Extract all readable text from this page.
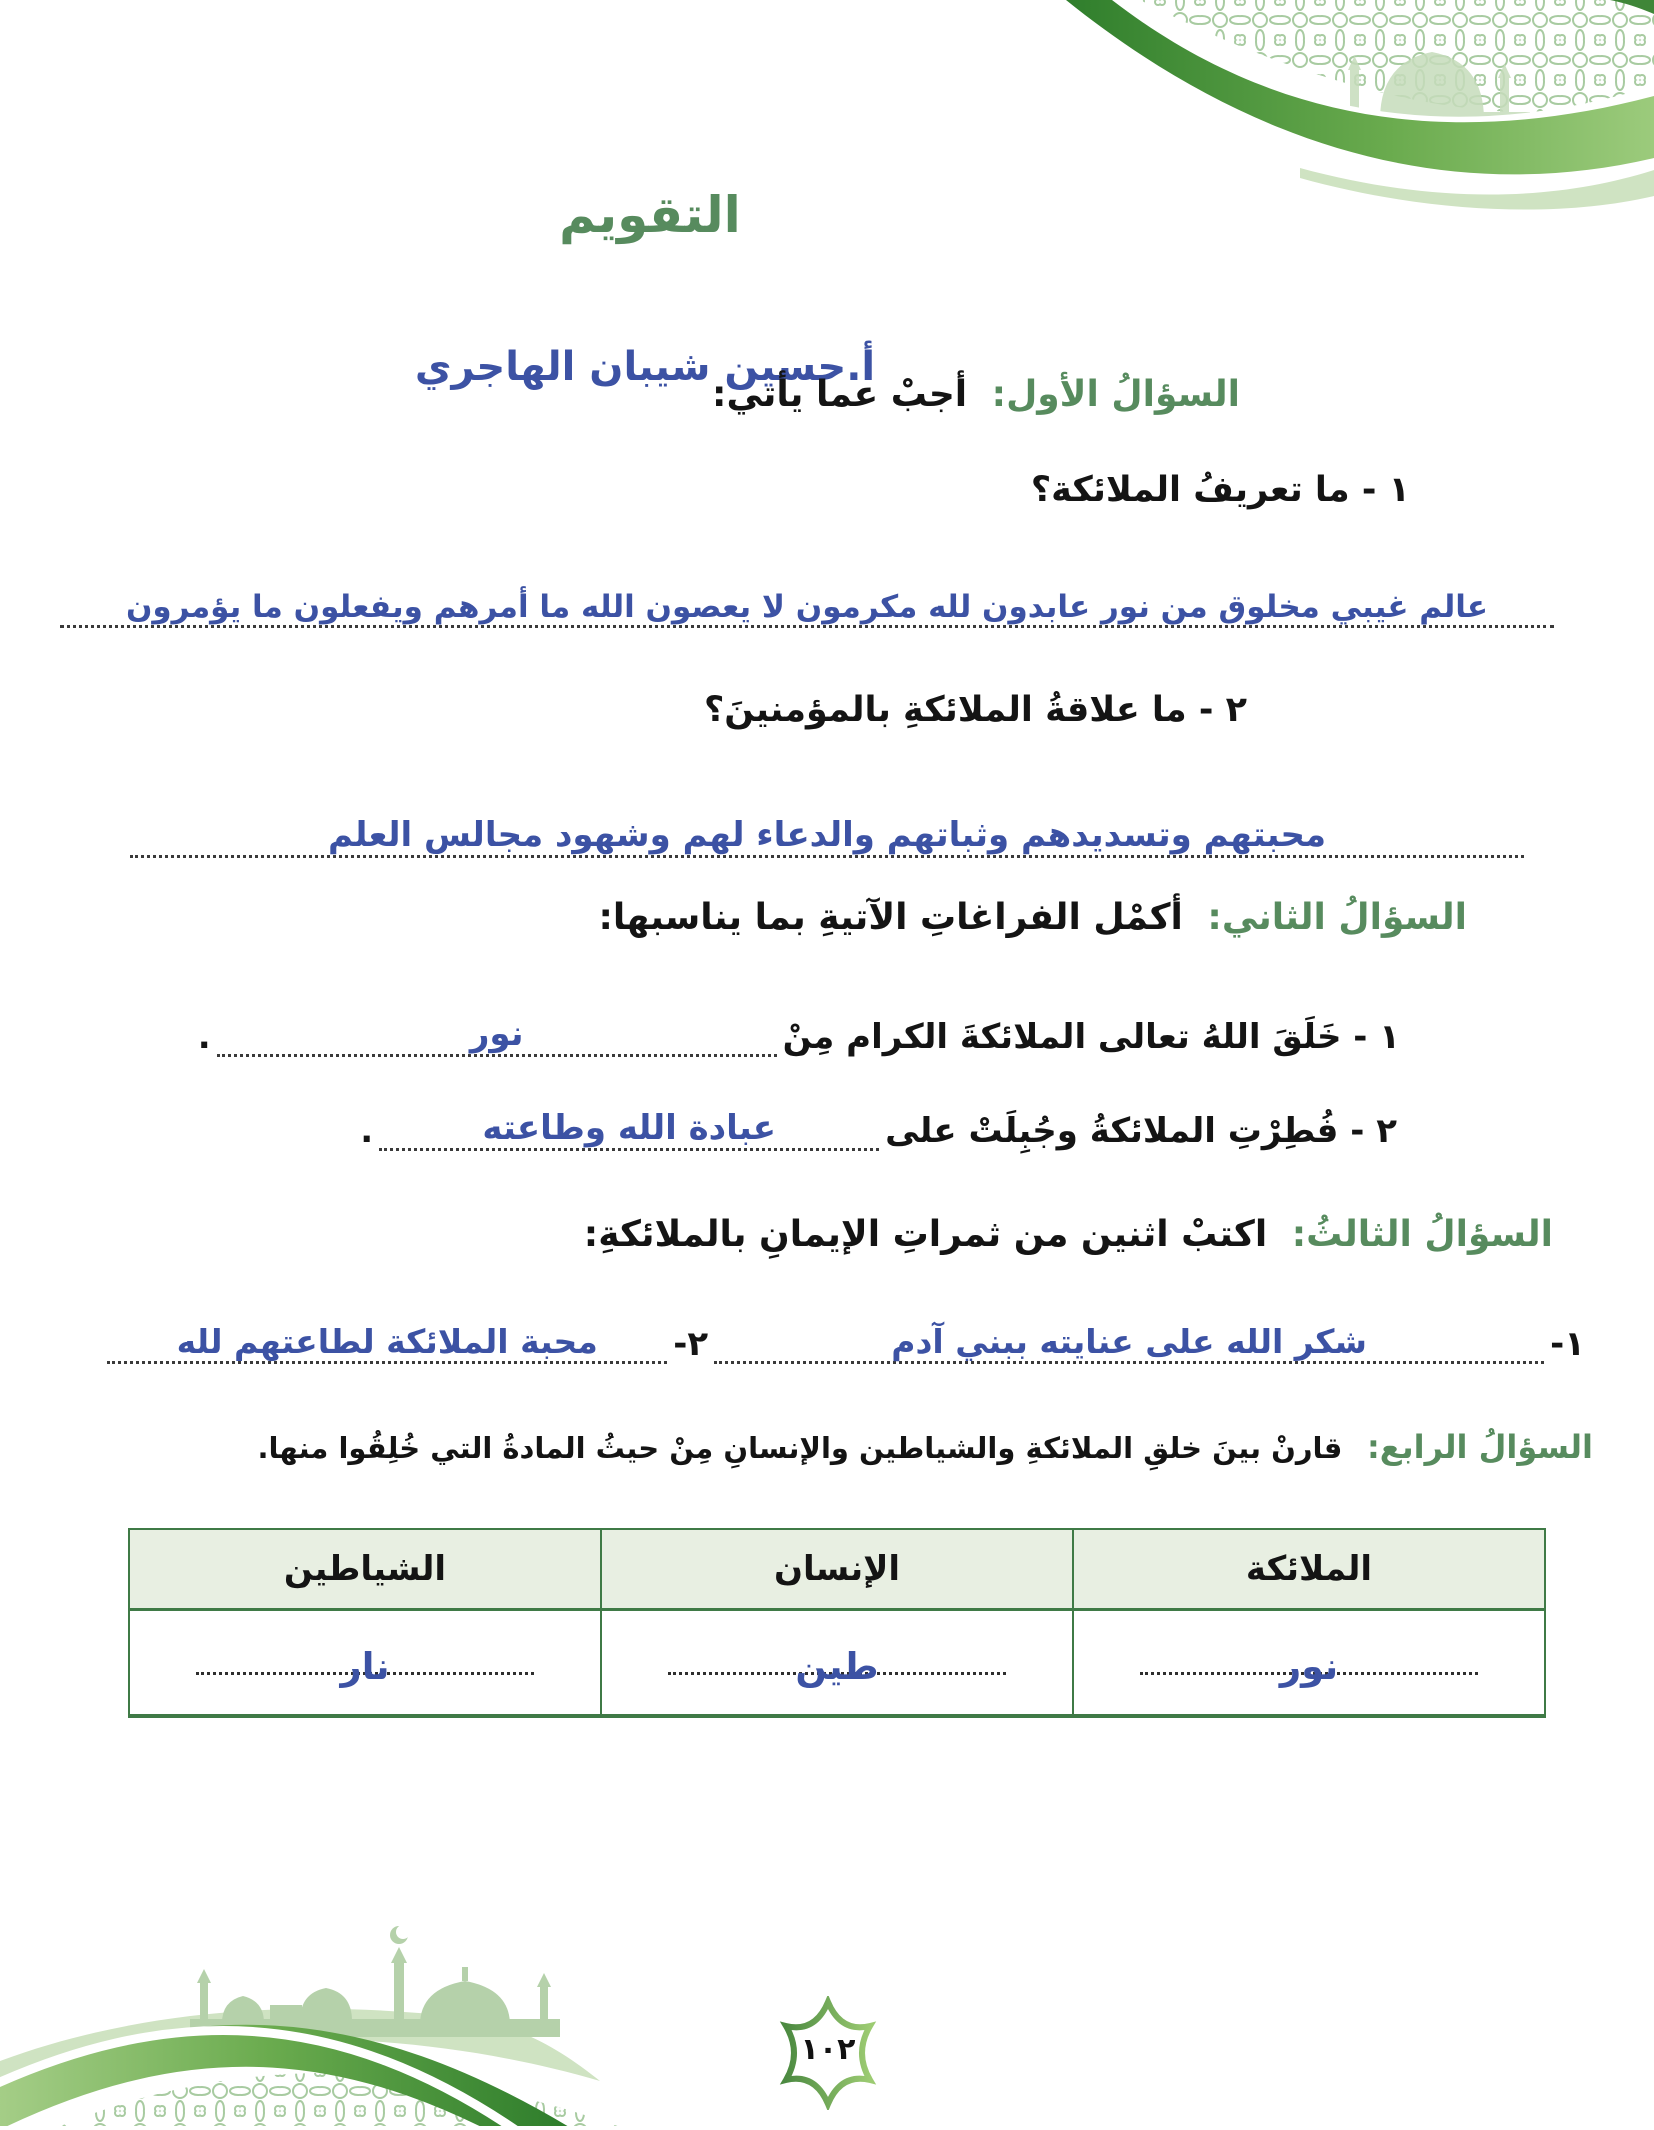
التقويم
أ.حسين شيبان الهاجري
السؤالُ الأول: أجبْ عما يأتي:
١ - ما تعريفُ الملائكة؟
عالم غيبي مخلوق من نور عابدون لله مكرمون لا يعصون الله ما أمرهم ويفعلون ما يؤمرون
٢ - ما علاقةُ الملائكةِ بالمؤمنينَ؟
محبتهم وتسديدهم وثباتهم والدعاء لهم وشهود مجالس العلم
السؤالُ الثاني: أكمْل الفراغاتِ الآتيةِ بما يناسبها:
١ - خَلَقَ اللهُ تعالى الملائكةَ الكرام مِنْ
نور
.
٢ - فُطِرْتِ الملائكةُ وجُبِلَتْ على
عبادة الله وطاعته
.
السؤالُ الثالثُ: اكتبْ اثنين من ثمراتِ الإيمانِ بالملائكةِ:
١-
شكر الله على عنايته ببني آدم
٢-
محبة الملائكة لطاعتهم لله
السؤالُ الرابع: قارنْ بينَ خلقِ الملائكةِ والشياطين والإنسانِ مِنْ حيثُ المادةُ التي خُلِقُوا منها.
الملائكة	الإنسان	الشياطين

نور	طين	نار
١٠٢
